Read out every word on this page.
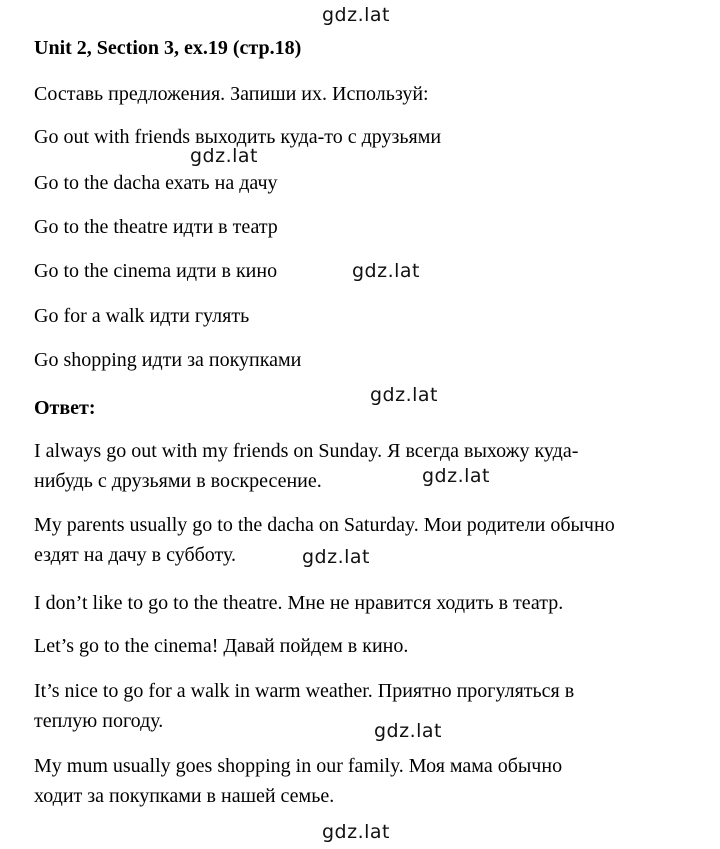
Unit 2, Section 3, ex.19 (стр.18)
Составь предложения. Запиши их. Используй:
Go out with friends выходить куда-то с друзьями
Go to the dacha ехать на дачу
Go to the theatre идти в театр
Go to the cinema идти в кино
Go for a walk идти гулять
Go shopping идти за покупками
Ответ:
I always go out with my friends on Sunday. Я всегда выхожу куда-
нибудь с друзьями в воскресение.
My parents usually go to the dacha on Saturday. Мои родители обычно
ездят на дачу в субботу.
I don’t like to go to the theatre. Мне не нравится ходить в театр.
Let’s go to the cinema! Давай пойдем в кино.
It’s nice to go for a walk in warm weather. Приятно прогуляться в
теплую погоду.
My mum usually goes shopping in our family. Моя мама обычно
ходит за покупками в нашей семье.
gdz.lat
gdz.lat
gdz.lat
gdz.lat
gdz.lat
gdz.lat
gdz.lat
gdz.lat
